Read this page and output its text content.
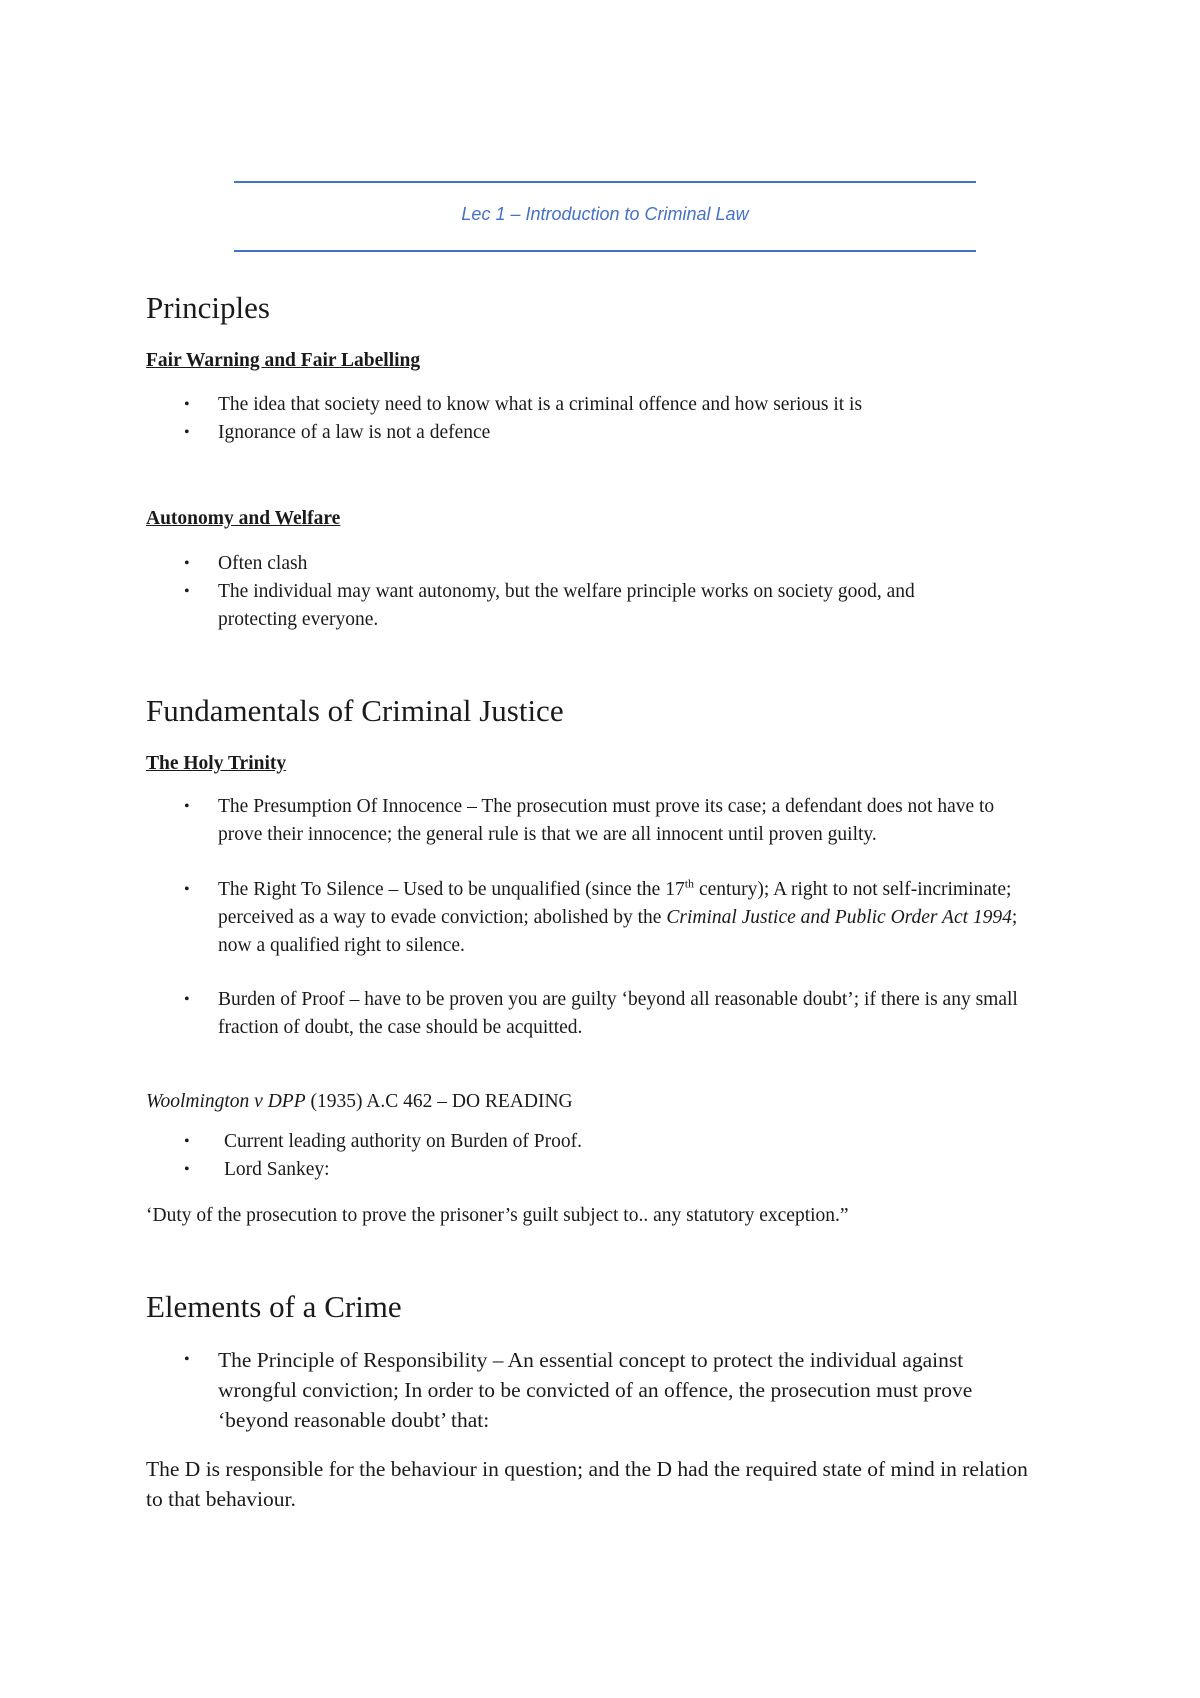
Lec 1 – Introduction to Criminal Law
Principles
Fair Warning and Fair Labelling
• The idea that society need to know what is a criminal offence and how serious it is
• Ignorance of a law is not a defence
Autonomy and Welfare
• Often clash
• The individual may want autonomy, but the welfare principle works on society good, and protecting everyone.
Fundamentals of Criminal Justice
The Holy Trinity
• The Presumption Of Innocence – The prosecution must prove its case; a defendant does not have to prove their innocence; the general rule is that we are all innocent until proven guilty.
• The Right To Silence – Used to be unqualified (since the 17th century); A right to not self-incriminate; perceived as a way to evade conviction; abolished by the Criminal Justice and Public Order Act 1994; now a qualified right to silence.
• Burden of Proof – have to be proven you are guilty ‘beyond all reasonable doubt’; if there is any small fraction of doubt, the case should be acquitted.

Woolmington v DPP (1935) A.C 462 – DO READING

• Current leading authority on Burden of Proof.
• Lord Sankey:

‘Duty of the prosecution to prove the prisoner’s guilt subject to.. any statutory exception.”

Elements of a Crime
• The Principle of Responsibility – An essential concept to protect the individual against wrongful conviction; In order to be convicted of an offence, the prosecution must prove ‘beyond reasonable doubt’ that:

The D is responsible for the behaviour in question; and the D had the required state of mind in relation to that behaviour.
